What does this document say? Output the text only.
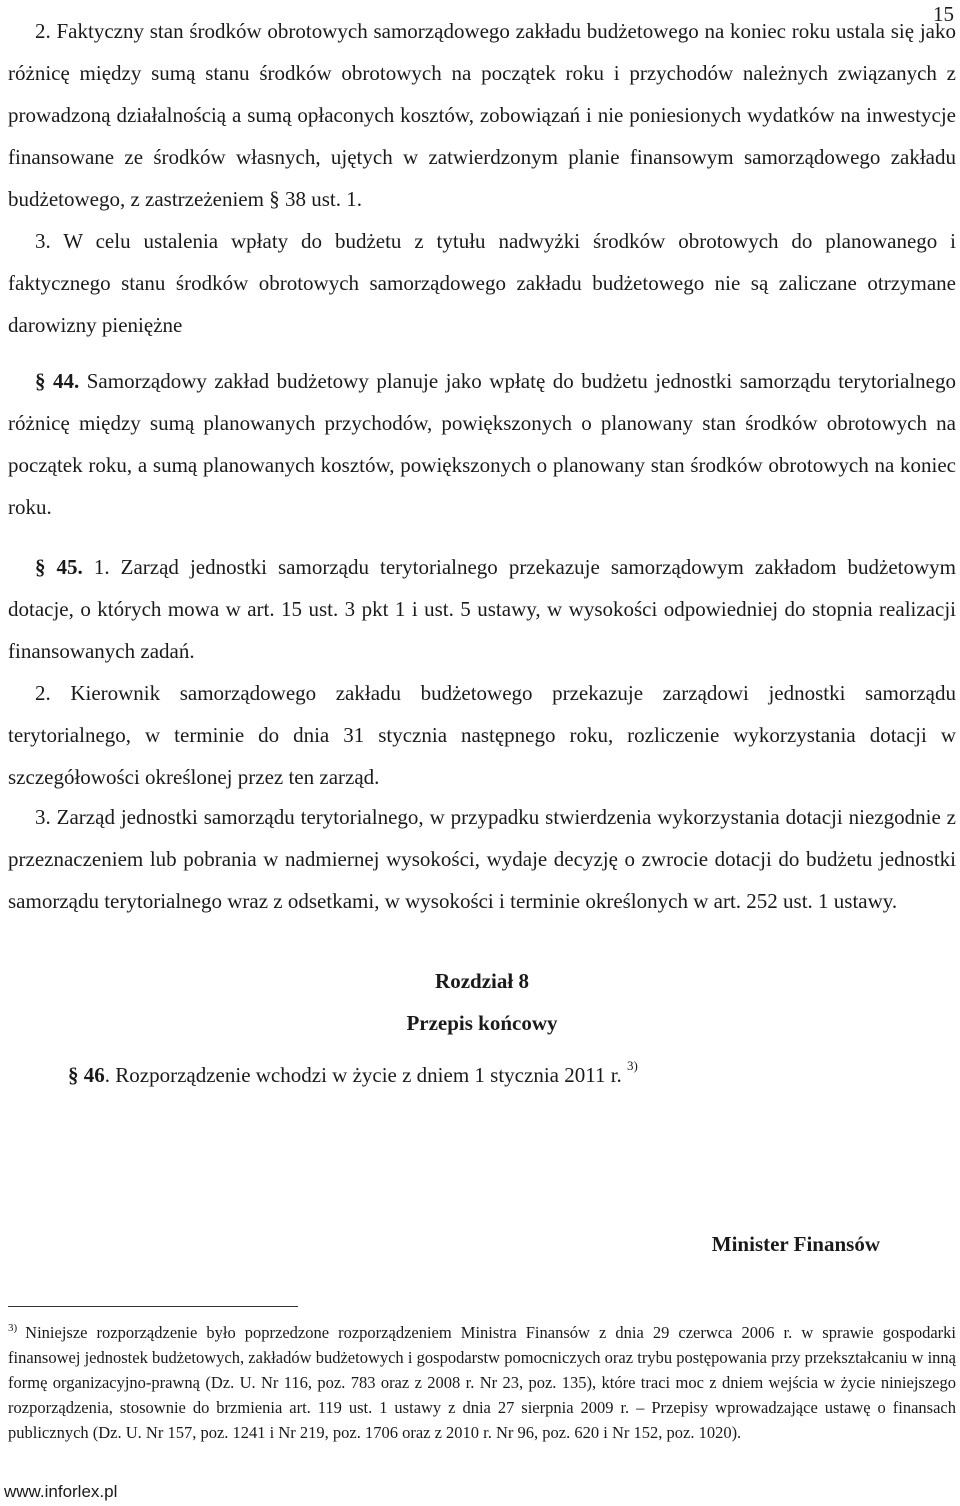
15

2. Faktyczny stan środków obrotowych samorządowego zakładu budżetowego na koniec roku ustala się jako różnicę między sumą stanu środków obrotowych na początek roku i przychodów należnych związanych z prowadzoną działalnością a sumą opłaconych kosztów, zobowiązań i nie poniesionych wydatków na inwestycje finansowane ze środków własnych, ujętych w zatwierdzonym planie finansowym samorządowego zakładu budżetowego, z zastrzeżeniem § 38 ust. 1.

3. W celu ustalenia wpłaty do budżetu z tytułu nadwyżki środków obrotowych do planowanego i faktycznego stanu środków obrotowych samorządowego zakładu budżetowego nie są zaliczane otrzymane darowizny pieniężne

§ 44. Samorządowy zakład budżetowy planuje jako wpłatę do budżetu jednostki samorządu terytorialnego różnicę między sumą planowanych przychodów, powiększonych o planowany stan środków obrotowych na początek roku, a sumą planowanych kosztów, powiększonych o planowany stan środków obrotowych na koniec roku.

§ 45. 1. Zarząd jednostki samorządu terytorialnego przekazuje samorządowym zakładom budżetowym dotacje, o których mowa w art. 15 ust. 3 pkt 1 i ust. 5 ustawy, w wysokości odpowiedniej do stopnia realizacji finansowanych zadań.

2. Kierownik samorządowego zakładu budżetowego przekazuje zarządowi jednostki samorządu terytorialnego, w terminie do dnia 31 stycznia następnego roku, rozliczenie wykorzystania dotacji w szczegółowości określonej przez ten zarząd.

3. Zarząd jednostki samorządu terytorialnego, w przypadku stwierdzenia wykorzystania dotacji niezgodnie z przeznaczeniem lub pobrania w nadmiernej wysokości, wydaje decyzję o zwrocie dotacji do budżetu jednostki samorządu terytorialnego wraz z odsetkami, w wysokości i terminie określonych w art. 252 ust. 1 ustawy.

Rozdział 8

Przepis końcowy

§ 46. Rozporządzenie wchodzi w życie z dniem 1 stycznia 2011 r. $^{3)}$

Minister Finansów
$^{3)}$ Niniejsze rozporządzenie było poprzedzone rozporządzeniem Ministra Finansów z dnia 29 czerwca 2006 r. w sprawie gospodarki finansowej jednostek budżetowych, zakładów budżetowych i gospodarstw pomocniczych oraz trybu postępowania przy przekształcaniu w inną formę organizacyjno-prawną (Dz. U. Nr 116, poz. 783 oraz z 2008 r. Nr 23, poz. 135), które traci moc z dniem wejścia w życie niniejszego rozporządzenia, stosownie do brzmienia art. 119 ust. 1 ustawy z dnia 27 sierpnia 2009 r. – Przepisy wprowadzające ustawę o finansach publicznych (Dz. U. Nr 157, poz. 1241 i Nr 219, poz. 1706 oraz z 2010 r. Nr 96, poz. 620 i Nr 152, poz. 1020).
www.inforlex.pl
